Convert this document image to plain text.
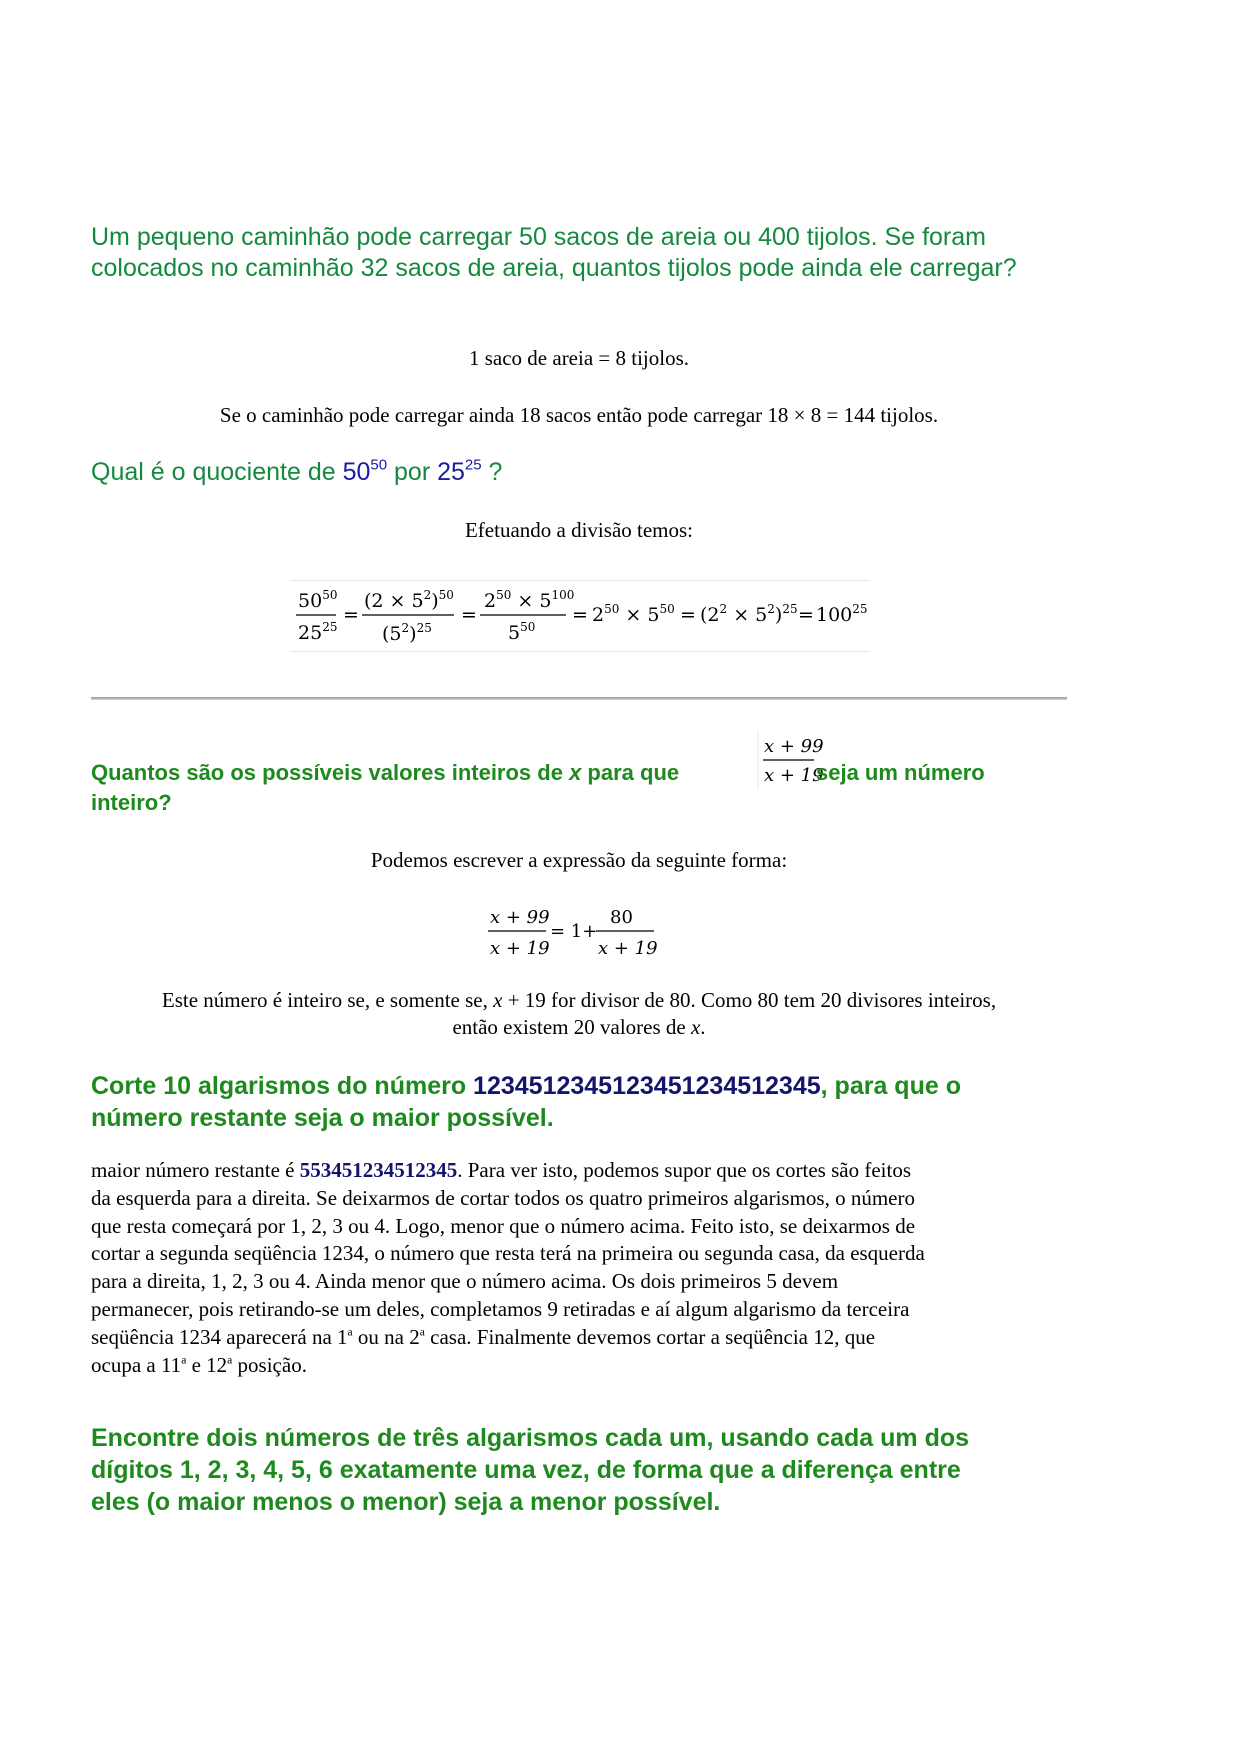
Um pequeno caminhão pode carregar 50 sacos de areia ou 400 tijolos. Se foram colocados no caminhão 32 sacos de areia, quantos tijolos pode ainda ele carregar?
1 saco de areia = 8 tijolos.
Se o caminhão pode carregar ainda 18 sacos então pode carregar 18 × 8 = 144 tijolos.
Qual é o quociente de $50^{50}$ por $25^{25}$ ?
Efetuando a divisão temos:
$50^{50}$
$25^{25}$
=
$(2 \times 5^2)^{50}$
$(5^2)^{25}$
=
$2^{50} \times 5^{100}$
$5^{50}$
= $2^{50} \times 5^{50} = (2^2 \times 5^2)^{25} = 100^{25}$
Quantos são os possíveis valores inteiros de x para que
x + 99
x + 19
seja um número
inteiro?
Podemos escrever a expressão da seguinte forma:
x + 99
x + 19
= 1+
80
x + 19
Este número é inteiro se, e somente se, x + 19 for divisor de 80. Como 80 tem 20 divisores inteiros,
então existem 20 valores de x.
Corte 10 algarismos do número 1234512345123451234512345, para que o
número restante seja o maior possível.
maior número restante é 553451234512345. Para ver isto, podemos supor que os cortes são feitos
da esquerda para a direita. Se deixarmos de cortar todos os quatro primeiros algarismos, o número
que resta começará por 1, 2, 3 ou 4. Logo, menor que o número acima. Feito isto, se deixarmos de
cortar a segunda seqüência 1234, o número que resta terá na primeira ou segunda casa, da esquerda
para a direita, 1, 2, 3 ou 4. Ainda menor que o número acima. Os dois primeiros 5 devem
permanecer, pois retirando-se um deles, completamos 9 retiradas e aí algum algarismo da terceira
seqüência 1234 aparecerá na 1$^a$ ou na 2$^a$ casa. Finalmente devemos cortar a seqüência 12, que
ocupa a 11$^a$ e 12$^a$ posição.
Encontre dois números de três algarismos cada um, usando cada um dos
dígitos 1, 2, 3, 4, 5, 6 exatamente uma vez, de forma que a diferença entre
eles (o maior menos o menor) seja a menor possível.
